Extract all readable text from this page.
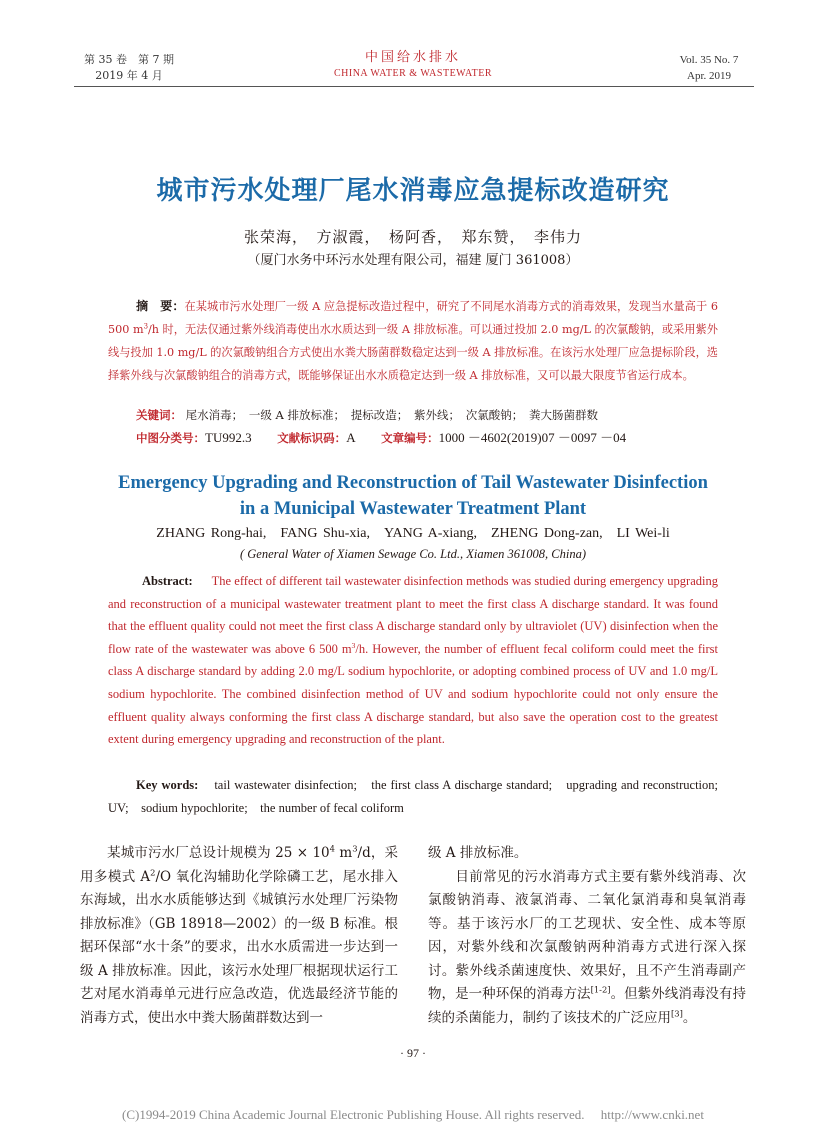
第 35 卷　第 7 期
2019 年 4 月
中国给水排水
CHINA WATER & WASTEWATER
Vol. 35 No. 7
Apr. 2019
城市污水处理厂尾水消毒应急提标改造研究
张荣海，　方淑霞，　杨阿香，　郑东赞，　李伟力
（厦门水务中环污水处理有限公司，福建 厦门 361008）
摘　要：在某城市污水处理厂一级 A 应急提标改造过程中，研究了不同尾水消毒方式的消毒效果，发现当水量高于 6 500 $m^3/h$ 时，无法仅通过紫外线消毒使出水水质达到一级 A 排放标准。可以通过投加 2.0 mg/L 的次氯酸钠，或采用紫外线与投加 1.0 mg/L 的次氯酸钠组合方式使出水粪大肠菌群数稳定达到一级 A 排放标准。在该污水处理厂应急提标阶段，选择紫外线与次氯酸钠组合的消毒方式，既能够保证出水水质稳定达到一级 A 排放标准，又可以最大限度节省运行成本。
关键词： 尾水消毒；　一级 A 排放标准；　提标改造；　紫外线；　次氯酸钠；　粪大肠菌群数
中图分类号：TU992.3 文献标识码：A 文章编号：1000 －4602(2019)07 －0097 －04
Emergency Upgrading and Reconstruction of Tail Wastewater Disinfection
in a Municipal Wastewater Treatment Plant
ZHANG Rong-hai,　FANG Shu-xia,　YANG A-xiang,　ZHENG Dong-zan,　LI Wei-li
( General Water of Xiamen Sewage Co. Ltd., Xiamen 361008, China)
Abstract: The effect of different tail wastewater disinfection methods was studied during emergency upgrading and reconstruction of a municipal wastewater treatment plant to meet the first class A discharge standard. It was found that the effluent quality could not meet the first class A discharge standard only by ultraviolet (UV) disinfection when the flow rate of the wastewater was above 6 500 $m^3/h$. However, the number of effluent fecal coliform could meet the first class A discharge standard by adding 2.0 mg/L sodium hypochlorite, or adopting combined process of UV and 1.0 mg/L sodium hypochlorite. The combined disinfection method of UV and sodium hypochlorite could not only ensure the effluent quality always conforming the first class A discharge standard, but also save the operation cost to the greatest extent during emergency upgrading and reconstruction of the plant.
Key words: tail wastewater disinfection;　the first class A discharge standard;　upgrading and reconstruction;　UV;　sodium hypochlorite;　the number of fecal coliform
某城市污水厂总设计规模为 $25 \times 10^4$ $m^3/d$，采用多模式 $A^2/O$ 氧化沟辅助化学除磷工艺，尾水排入东海域，出水水质能够达到《城镇污水处理厂污染物排放标准》（GB 18918—2002）的一级 B 标准。根据环保部“水十条”的要求，出水水质需进一步达到一级 A 排放标准。因此，该污水处理厂根据现状运行工艺对尾水消毒单元进行应急改造，优选最经济节能的消毒方式，使出水中粪大肠菌群数达到一
级 A 排放标准。
目前常见的污水消毒方式主要有紫外线消毒、次氯酸钠消毒、液氯消毒、二氧化氯消毒和臭氧消毒等。基于该污水厂的工艺现状、安全性、成本等原因，对紫外线和次氯酸钠两种消毒方式进行深入探讨。紫外线杀菌速度快、效果好，且不产生消毒副产物，是一种环保的消毒方法[1-2]。但紫外线消毒没有持续的杀菌能力，制约了该技术的广泛应用[3]。
· 97 ·
(C)1994-2019 China Academic Journal Electronic Publishing House. All rights reserved.　 http://www.cnki.net
